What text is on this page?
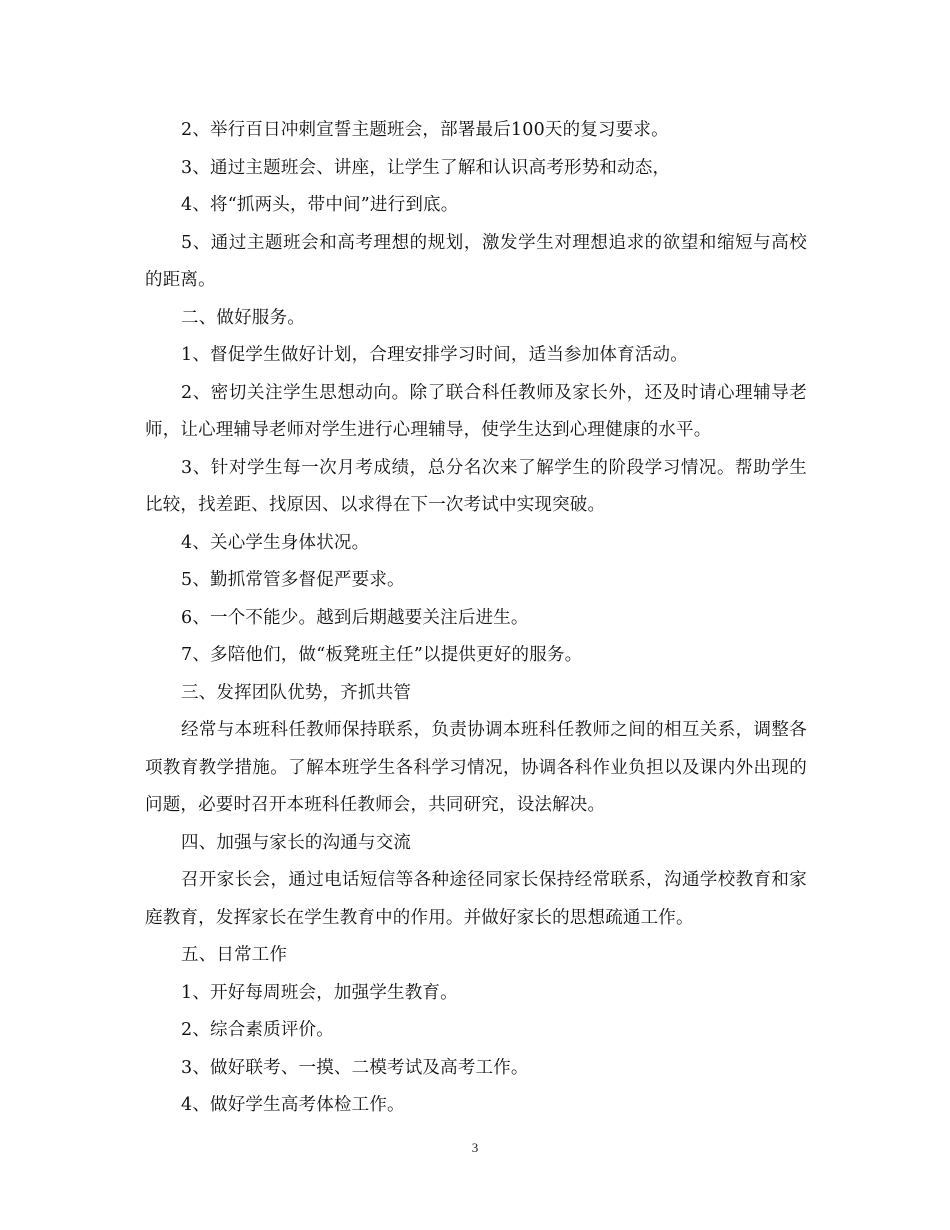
2、举行百日冲刺宣誓主题班会，部署最后100天的复习要求。

3、通过主题班会、讲座，让学生了解和认识高考形势和动态，

4、将“抓两头，带中间”进行到底。

5、通过主题班会和高考理想的规划，激发学生对理想追求的欲望和缩短与高校的距离。

二、做好服务。

1、督促学生做好计划，合理安排学习时间，适当参加体育活动。

2、密切关注学生思想动向。除了联合科任教师及家长外，还及时请心理辅导老师，让心理辅导老师对学生进行心理辅导，使学生达到心理健康的水平。

3、针对学生每一次月考成绩，总分名次来了解学生的阶段学习情况。帮助学生比较，找差距、找原因、以求得在下一次考试中实现突破。

4、关心学生身体状况。

5、勤抓常管多督促严要求。

6、一个不能少。越到后期越要关注后进生。

7、多陪他们，做“板凳班主任”以提供更好的服务。

三、发挥团队优势，齐抓共管

经常与本班科任教师保持联系，负责协调本班科任教师之间的相互关系，调整各项教育教学措施。了解本班学生各科学习情况，协调各科作业负担以及课内外出现的问题，必要时召开本班科任教师会，共同研究，设法解决。

四、加强与家长的沟通与交流

召开家长会，通过电话短信等各种途径同家长保持经常联系，沟通学校教育和家庭教育，发挥家长在学生教育中的作用。并做好家长的思想疏通工作。

五、日常工作

1、开好每周班会，加强学生教育。

2、综合素质评价。

3、做好联考、一摸、二模考试及高考工作。

4、做好学生高考体检工作。

3
